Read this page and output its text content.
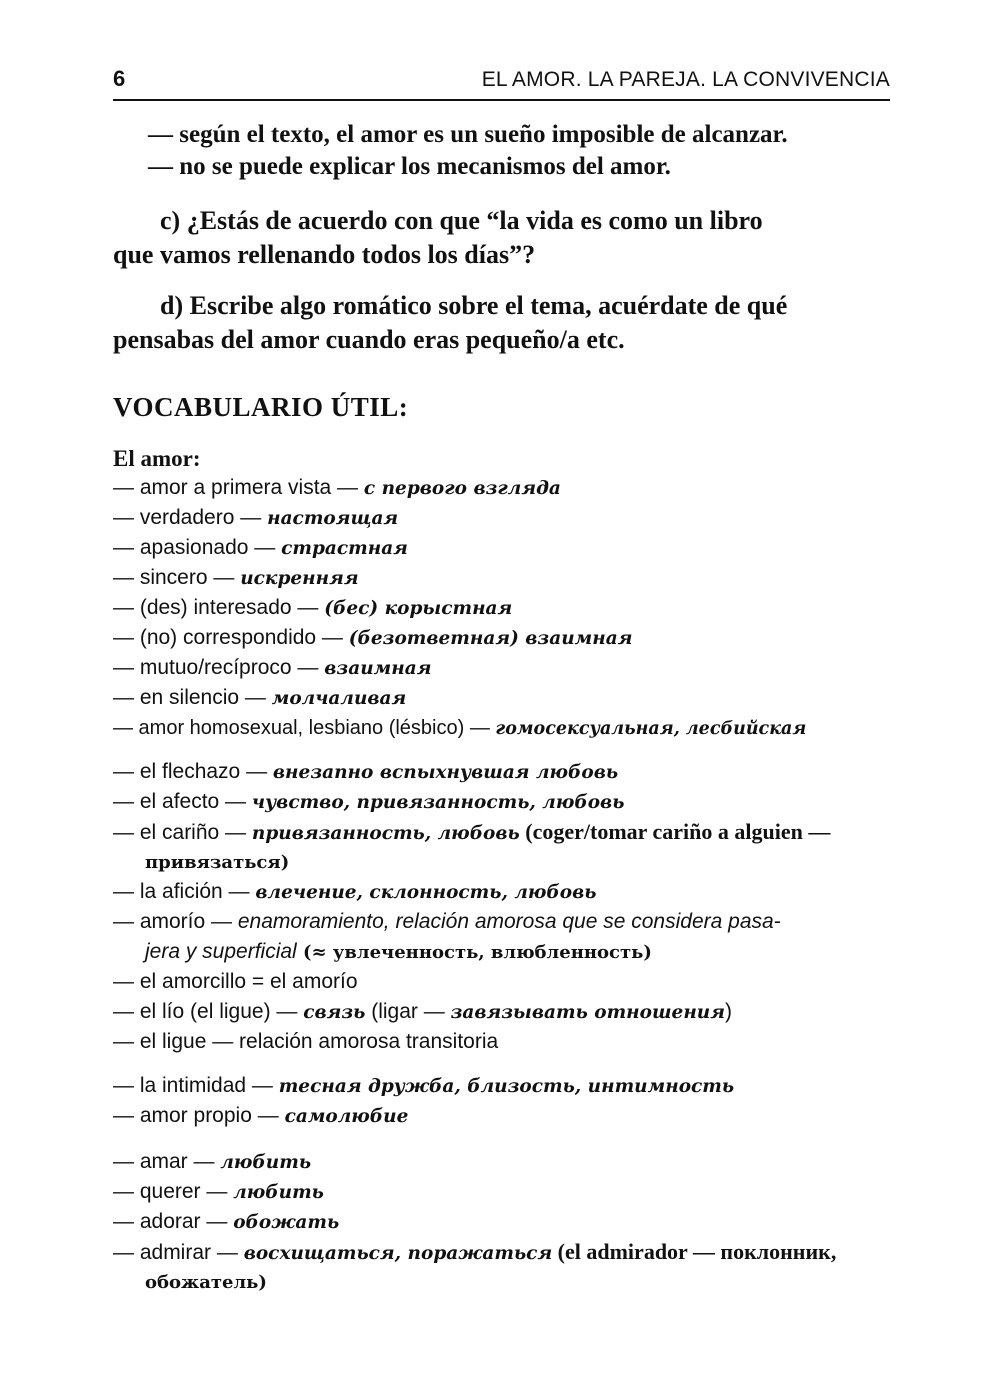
6	EL AMOR. LA PAREJA. LA CONVIVENCIA
— según el texto, el amor es un sueño imposible de alcanzar.
— no se puede explicar los mecanismos del amor.
c) ¿Estás de acuerdo con que “la vida es como un libro
que vamos rellenando todos los días”?
d) Escribe algo romático sobre el tema, acuérdate de qué
pensabas del amor cuando eras pequeño/a etc.
VOCABULARIO ÚTIL:
El amor:
— amor a primera vista — с первого взгляда
— verdadero — настоящая
— apasionado — страстная
— sincero — искренняя
— (des) interesado — (бес) корыстная
— (no) correspondido — (безответная) взаимная
— mutuo/recíproco — взаимная
— en silencio — молчаливая
— amor homosexual, lesbiano (lésbico) — гомосексуальная, лесбийская
— el flechazo — внезапно вспыхнувшая любовь
— el afecto — чувство, привязанность, любовь
— el cariño — привязанность, любовь (coger/tomar cariño a alguien —
привязаться)
— la afición — влечение, склонность, любовь
— amorío — enamoramiento, relación amorosa que se considera pasa-
jera y superficial (≈ увлеченность, влюбленность)
— el amorcillo = el amorío
— el lío (el ligue) — связь (ligar — завязывать отношения)
— el ligue — relación amorosa transitoria
— la intimidad — тесная дружба, близость, интимность
— amor propio — самолюбие
— amar — любить
— querer — любить
— adorar — обожать
— admirar — восхищаться, поражаться (el admirador — поклонник,
обожатель)
